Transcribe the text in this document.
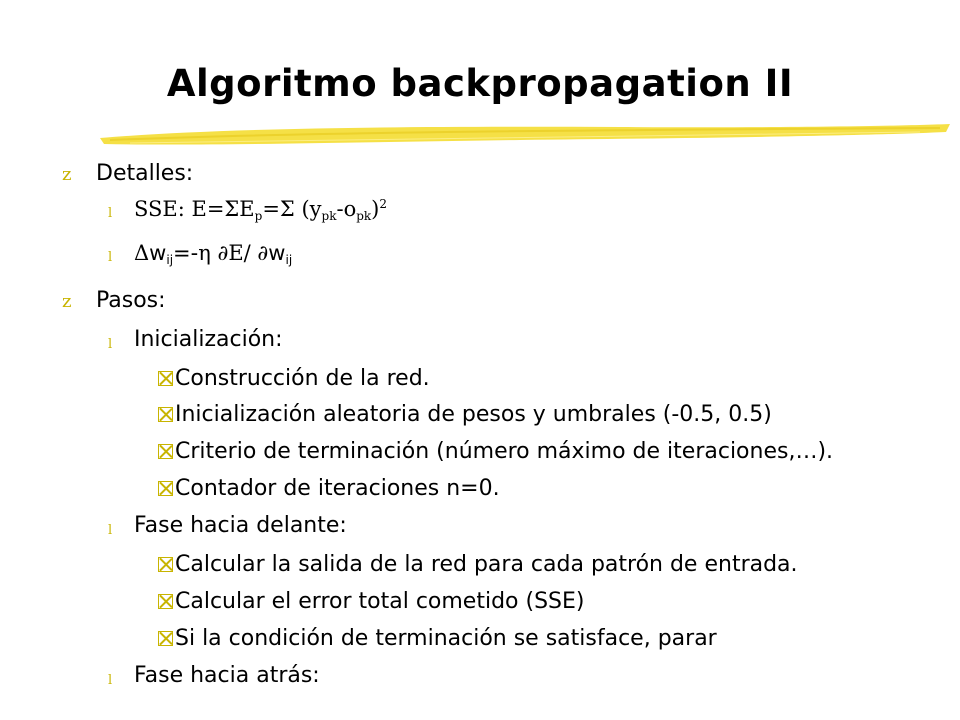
Algoritmo backpropagation II
z Detalles:
l SSE: $E=\Sigma E_p=\Sigma$ $(y_{pk}-o_{pk})^2$
l $\Delta w_{ij}=-\eta$ ∂E/ $\partial w_{ij}$
z Pasos:
l Inicialización:
Construcción de la red.
Inicialización aleatoria de pesos y umbrales (-0.5, 0.5)
Criterio de terminación (número máximo de iteraciones,…).
Contador de iteraciones n=0.
l Fase hacia delante:
Calcular la salida de la red para cada patrón de entrada.
Calcular el error total cometido (SSE)
Si la condición de terminación se satisface, parar
l Fase hacia atrás:
